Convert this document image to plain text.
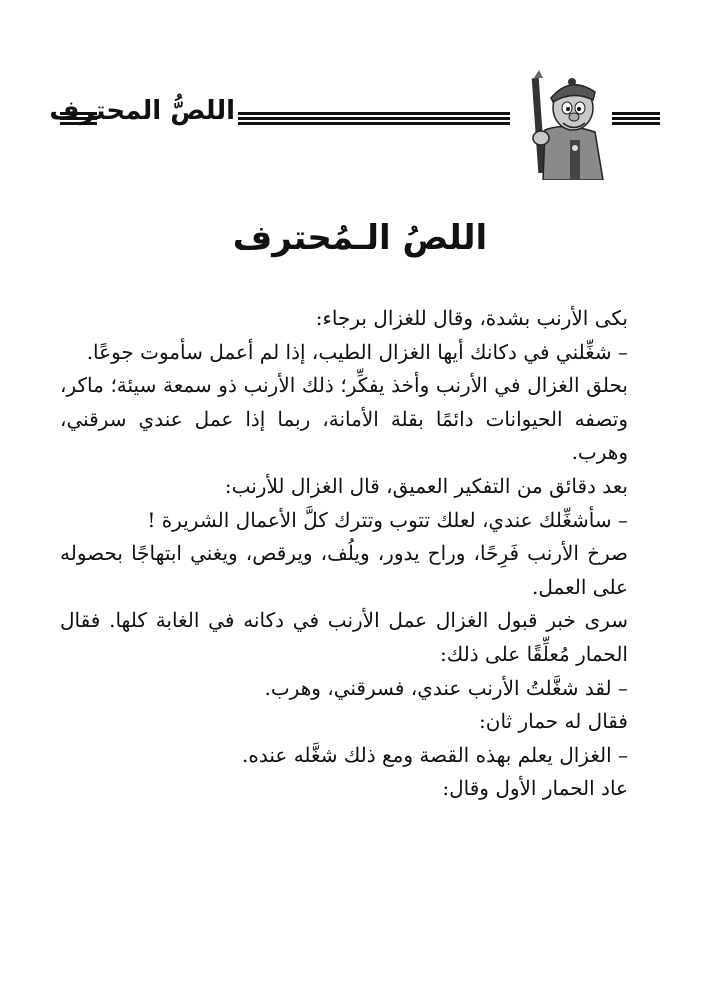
اللصُّ المحترف
اللصُ الـمُحترف

بكى الأرنب بشدة، وقال للغزال برجاء:

– شغِّلني في دكانك أيها الغزال الطيب، إذا لم أعمل سأموت جوعًا.

بحلق الغزال في الأرنب وأخذ يفكِّر؛ ذلك الأرنب ذو سمعة سيئة؛ ماكر، وتصفه الحيوانات دائمًا بقلة الأمانة، ربما إذا عمل عندي سرقني، وهرب.

بعد دقائق من التفكير العميق، قال الغزال للأرنب:

– سأشغِّلك عندي، لعلك تتوب وتترك كلَّ الأعمال الشريرة !

صرخ الأرنب فَرِحًا، وراح يدور، ويلُف، ويرقص، ويغني ابتهاجًا بحصوله على العمل.

سرى خبر قبول الغزال عمل الأرنب في دكانه في الغابة كلها. فقال الحمار مُعلِّقًا على ذلك:

– لقد شغَّلتُ الأرنب عندي، فسرقني، وهرب.

فقال له حمار ثان:

– الغزال يعلم بهذه القصة ومع ذلك شغَّله عنده.

عاد الحمار الأول وقال:
